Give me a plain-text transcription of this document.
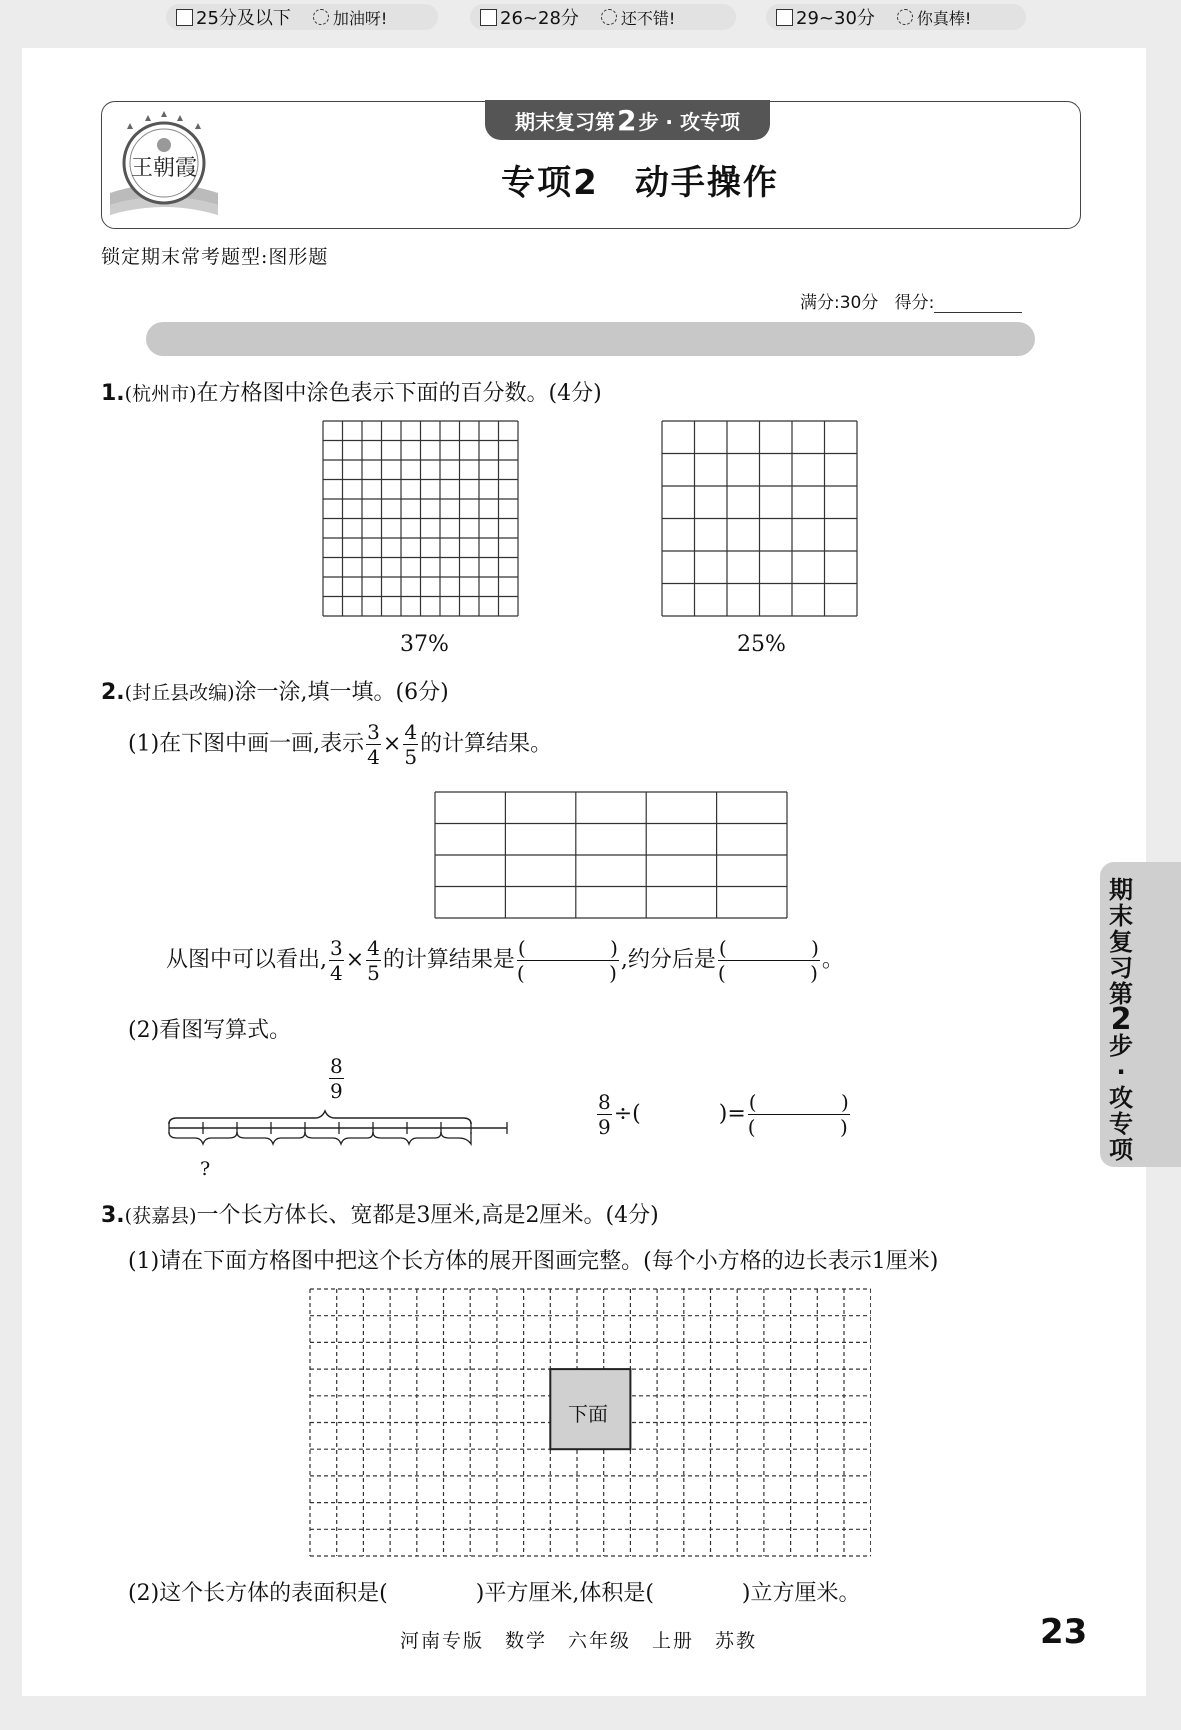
王朝霞
期末复习第 2 步 · 攻专项
专项2　动手操作
锁定期末常考题型:图形题
满分:30分 得分:
25分及以下	加油呀!	26~28分	还不错!	29~30分	你真棒!
1.(杭州市)在方格图中涂色表示下面的百分数。(4分)
37%	25%
2.(封丘县改编)涂一涂,填一填。(6分)
(1)在下图中画一画,表示 $\frac{3}{4} \times \frac{4}{5}$ 的计算结果。
从图中可以看出, $\frac{3}{4} \times \frac{4}{5}$ 的计算结果是 (	)

(	)
,约分后是 (	)

(	)
。
(2)看图写算式。
$\frac{8}{9}$
?
$\frac{8}{9}$ ÷(	)= (	)

(	)

3.(获嘉县)一个长方体长、宽都是3厘米,高是2厘米。(4分)
(1)请在下面方格图中把这个长方体的展开图画完整。(每个小方格的边长表示1厘米)
下面
(2)这个长方体的表面积是(	)平方厘米,体积是(	)立方厘米。
期
末
复
习
第
2
步
·
攻
专
项
河南专版　数学　六年级　上册　苏教	23
